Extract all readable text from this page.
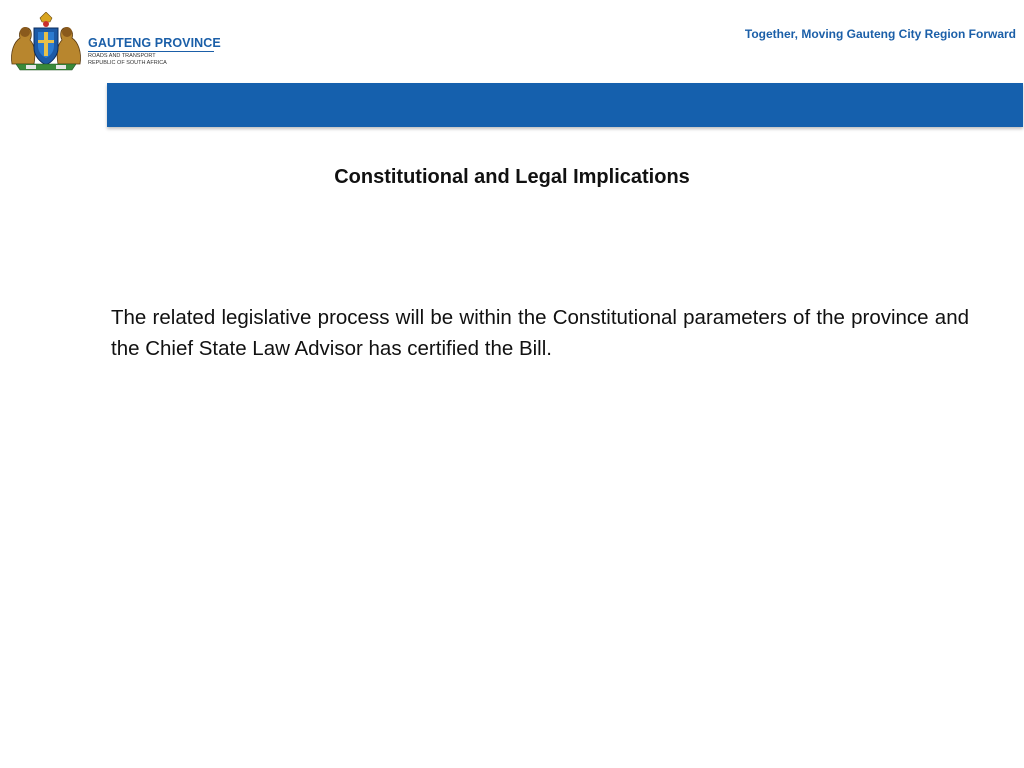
GAUTENG PROVINCE
ROADS AND TRANSPORT
REPUBLIC OF SOUTH AFRICA
Together, Moving Gauteng City Region Forward
Constitutional and Legal Implications
The related legislative process will be within the Constitutional parameters of the province and the Chief State Law Advisor has certified the Bill.
